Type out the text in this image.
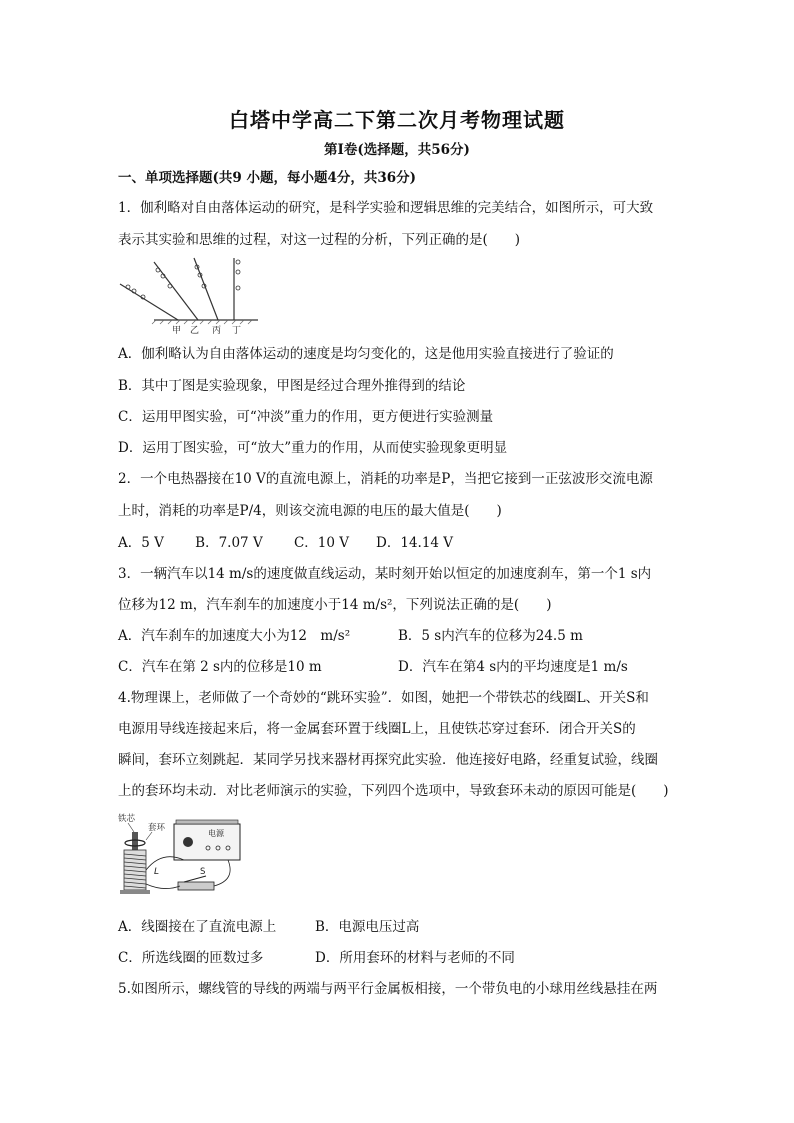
白塔中学高二下第二次月考物理试题
第Ⅰ卷(选择题，共56分)
一、单项选择题(共9 小题，每小题4分，共36分)
1．伽利略对自由落体运动的研究，是科学实验和逻辑思维的完美结合，如图所示，可大致
表示其实验和思维的过程，对这一过程的分析，下列正确的是(　　)
甲 乙 丙 丁
A．伽利略认为自由落体运动的速度是均匀变化的，这是他用实验直接进行了验证的
B．其中丁图是实验现象，甲图是经过合理外推得到的结论
C．运用甲图实验，可“冲淡”重力的作用，更方便进行实验测量
D．运用丁图实验，可“放大”重力的作用，从而使实验现象更明显
2．一个电热器接在10 V的直流电源上，消耗的功率是P，当把它接到一正弦波形交流电源
上时，消耗的功率是P/4，则该交流电源的电压的最大值是(　　)
A．5 V　　 B．7.07 V　　 C．10 V　　D．14.14 V
3．一辆汽车以14 m/s的速度做直线运动，某时刻开始以恒定的加速度刹车，第一个1 s内
位移为12 m，汽车刹车的加速度小于14 m/s²，下列说法正确的是(　　)
A．汽车刹车的加速度大小为12　m/s²	B．5 s内汽车的位移为24.5 m
C．汽车在第 2 s内的位移是10 m	D．汽车在第4 s内的平均速度是1 m/s
4.物理课上，老师做了一个奇妙的“跳环实验”．如图，她把一个带铁芯的线圈L、开关S和
电源用导线连接起来后，将一金属套环置于线圈L上，且使铁芯穿过套环．闭合开关S的
瞬间，套环立刻跳起．某同学另找来器材再探究此实验．他连接好电路，经重复试验，线圈
上的套环均未动．对比老师演示的实验，下列四个选项中，导致套环未动的原因可能是(　　)
铁芯
套环
L
电源
S
A．线圈接在了直流电源上	B．电源电压过高
C．所选线圈的匝数过多	D．所用套环的材料与老师的不同
5.如图所示，螺线管的导线的两端与两平行金属板相接，一个带负电的小球用丝线悬挂在两
